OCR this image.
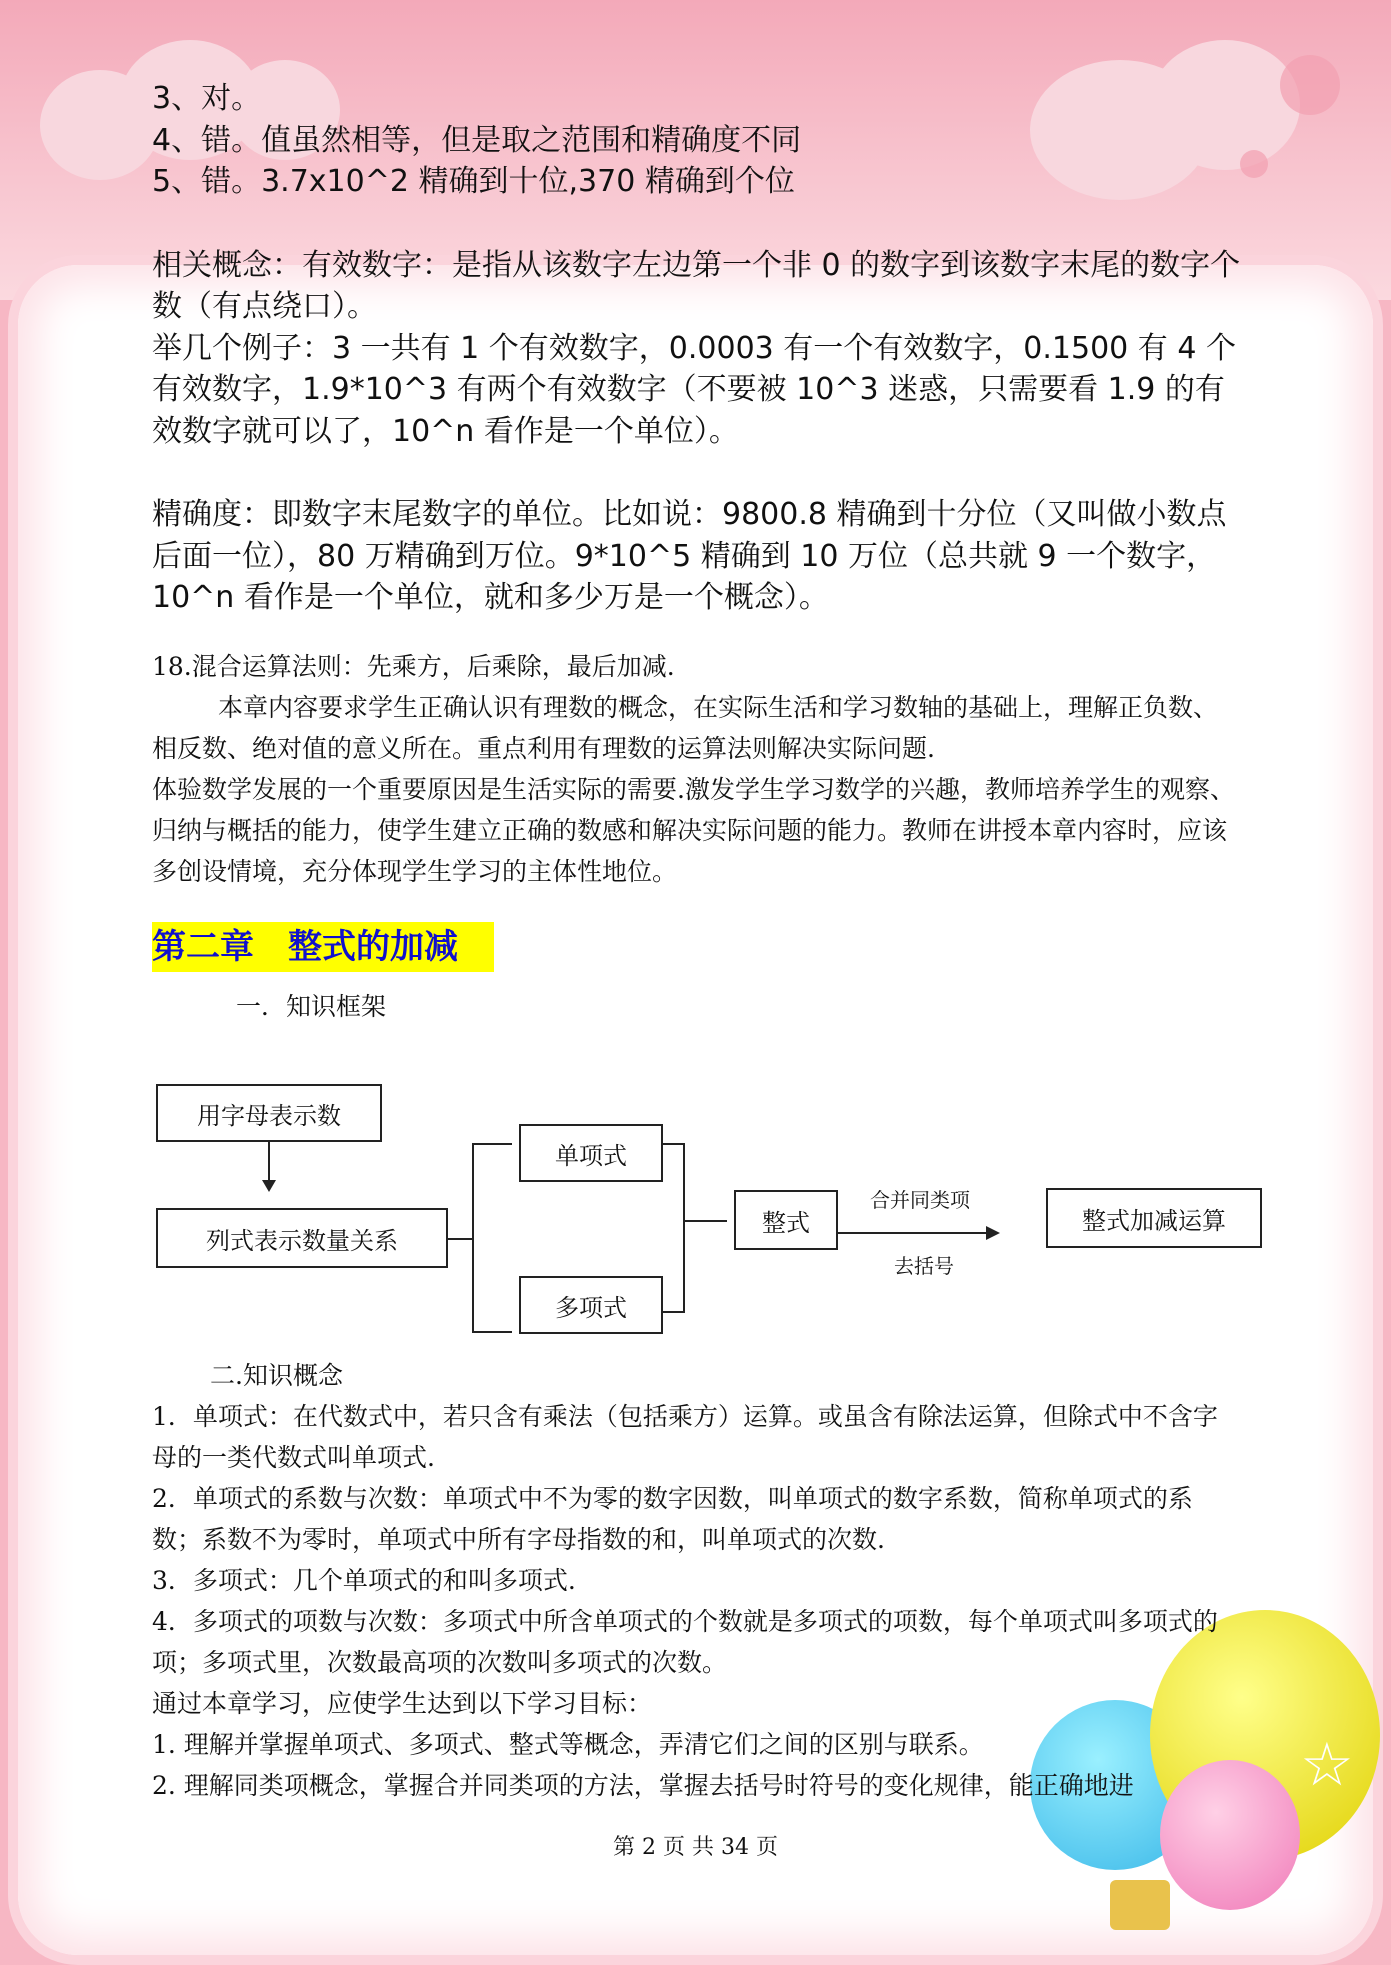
☆

3、对。

4、错。值虽然相等，但是取之范围和精确度不同

5、错。3.7x10^2 精确到十位,370 精确到个位

相关概念：有效数字：是指从该数字左边第一个非 0 的数字到该数字末尾的数字个数（有点绕口）。

举几个例子：3 一共有 1 个有效数字，0.0003 有一个有效数字，0.1500 有 4 个有效数字，1.9*10^3 有两个有效数字（不要被 10^3 迷惑，只需要看 1.9 的有效数字就可以了，10^n 看作是一个单位）。

精确度：即数字末尾数字的单位。比如说：9800.8 精确到十分位（又叫做小数点后面一位），80 万精确到万位。9*10^5 精确到 10 万位（总共就 9 一个数字，10^n 看作是一个单位，就和多少万是一个概念）。

18.混合运算法则：先乘方，后乘除，最后加减.

本章内容要求学生正确认识有理数的概念，在实际生活和学习数轴的基础上，理解正负数、相反数、绝对值的意义所在。重点利用有理数的运算法则解决实际问题.

体验数学发展的一个重要原因是生活实际的需要.激发学生学习数学的兴趣，教师培养学生的观察、归纳与概括的能力，使学生建立正确的数感和解决实际问题的能力。教师在讲授本章内容时，应该多创设情境，充分体现学生学习的主体性地位。

第二章　整式的加减

一．知识框架

用字母表示数
列式表示数量关系
单项式
多项式
整式
合并同类项
去括号
整式加减运算

二.知识概念

1．单项式：在代数式中，若只含有乘法（包括乘方）运算。或虽含有除法运算，但除式中不含字母的一类代数式叫单项式.

2．单项式的系数与次数：单项式中不为零的数字因数，叫单项式的数字系数，简称单项式的系数；系数不为零时，单项式中所有字母指数的和，叫单项式的次数.

3．多项式：几个单项式的和叫多项式.

4．多项式的项数与次数：多项式中所含单项式的个数就是多项式的项数，每个单项式叫多项式的项；多项式里，次数最高项的次数叫多项式的次数。

通过本章学习，应使学生达到以下学习目标：

1. 理解并掌握单项式、多项式、整式等概念，弄清它们之间的区别与联系。

2. 理解同类项概念，掌握合并同类项的方法，掌握去括号时符号的变化规律，能正确地进

第 2 页 共 34 页
